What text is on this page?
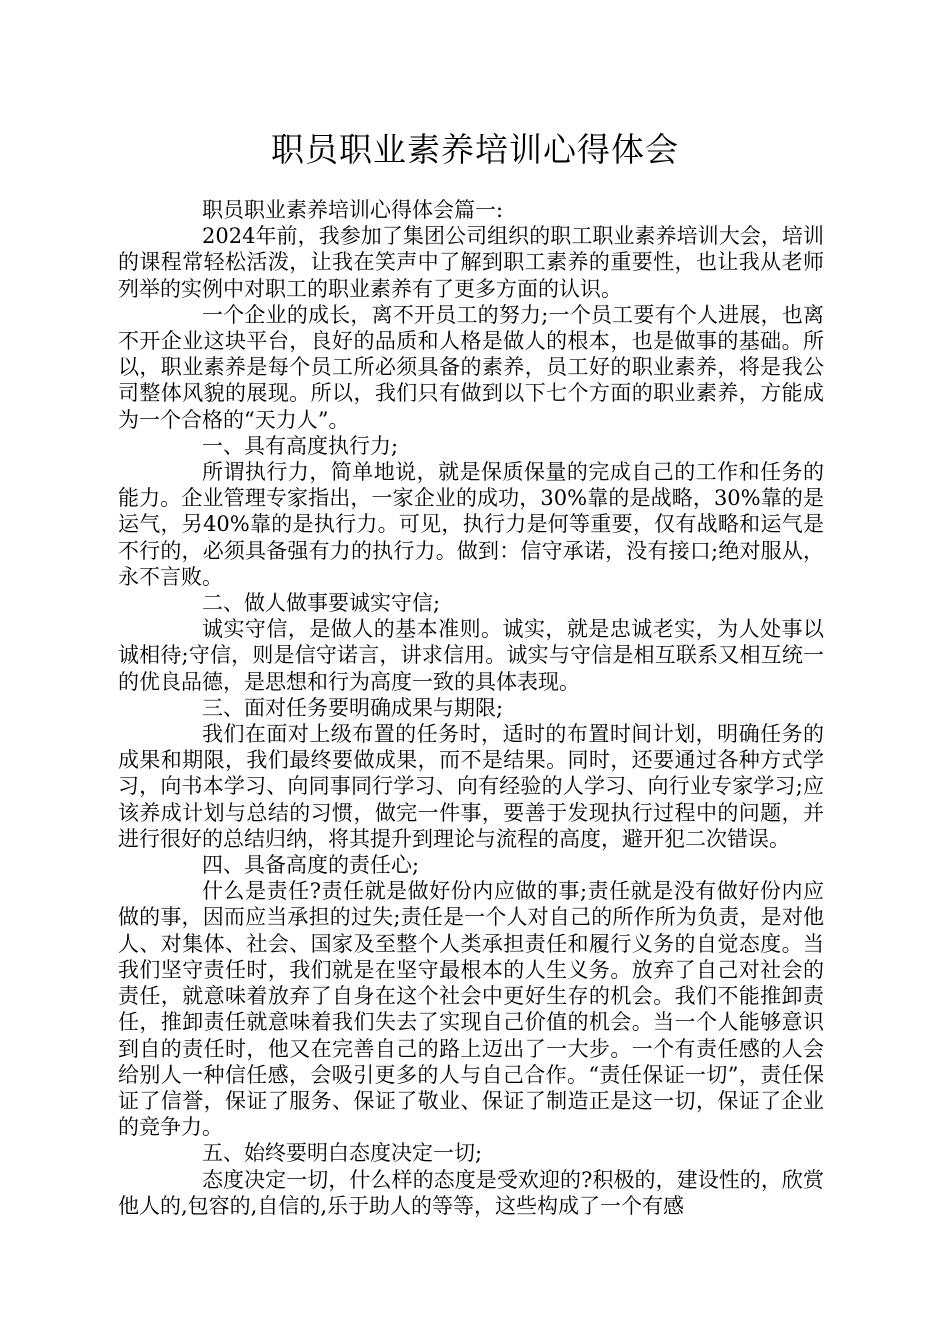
职员职业素养培训心得体会

职员职业素养培训心得体会篇一:

2024年前，我参加了集团公司组织的职工职业素养培训大会，培训的课程常轻松活泼，让我在笑声中了解到职工素养的重要性，也让我从老师列举的实例中对职工的职业素养有了更多方面的认识。

一个企业的成长，离不开员工的努力;一个员工要有个人进展，也离不开企业这块平台，良好的品质和人格是做人的根本，也是做事的基础。所以，职业素养是每个员工所必须具备的素养，员工好的职业素养，将是我公司整体风貌的展现。所以，我们只有做到以下七个方面的职业素养，方能成为一个合格的“天力人”。

一、具有高度执行力;

所谓执行力，简单地说，就是保质保量的完成自己的工作和任务的能力。企业管理专家指出，一家企业的成功，30%靠的是战略，30%靠的是运气，另40%靠的是执行力。可见，执行力是何等重要，仅有战略和运气是不行的，必须具备强有力的执行力。做到：信守承诺，没有接口;绝对服从，永不言败。

二、做人做事要诚实守信;

诚实守信，是做人的基本准则。诚实，就是忠诚老实，为人处事以诚相待;守信，则是信守诺言，讲求信用。诚实与守信是相互联系又相互统一的优良品德，是思想和行为高度一致的具体表现。

三、面对任务要明确成果与期限;

我们在面对上级布置的任务时，适时的布置时间计划，明确任务的成果和期限，我们最终要做成果，而不是结果。同时，还要通过各种方式学习，向书本学习、向同事同行学习、向有经验的人学习、向行业专家学习;应该养成计划与总结的习惯，做完一件事，要善于发现执行过程中的问题，并进行很好的总结归纳，将其提升到理论与流程的高度，避开犯二次错误。

四、具备高度的责任心;

什么是责任?责任就是做好份内应做的事;责任就是没有做好份内应做的事，因而应当承担的过失;责任是一个人对自己的所作所为负责，是对他人、对集体、社会、国家及至整个人类承担责任和履行义务的自觉态度。当我们坚守责任时，我们就是在坚守最根本的人生义务。放弃了自己对社会的责任，就意味着放弃了自身在这个社会中更好生存的机会。我们不能推卸责任，推卸责任就意味着我们失去了实现自己价值的机会。当一个人能够意识到自的责任时，他又在完善自己的路上迈出了一大步。一个有责任感的人会给别人一种信任感，会吸引更多的人与自己合作。“责任保证一切”，责任保证了信誉，保证了服务、保证了敬业、保证了制造正是这一切，保证了企业的竞争力。

五、始终要明白态度决定一切;

态度决定一切，什么样的态度是受欢迎的?积极的，建设性的，欣赏他人的,包容的,自信的,乐于助人的等等，这些构成了一个有感
